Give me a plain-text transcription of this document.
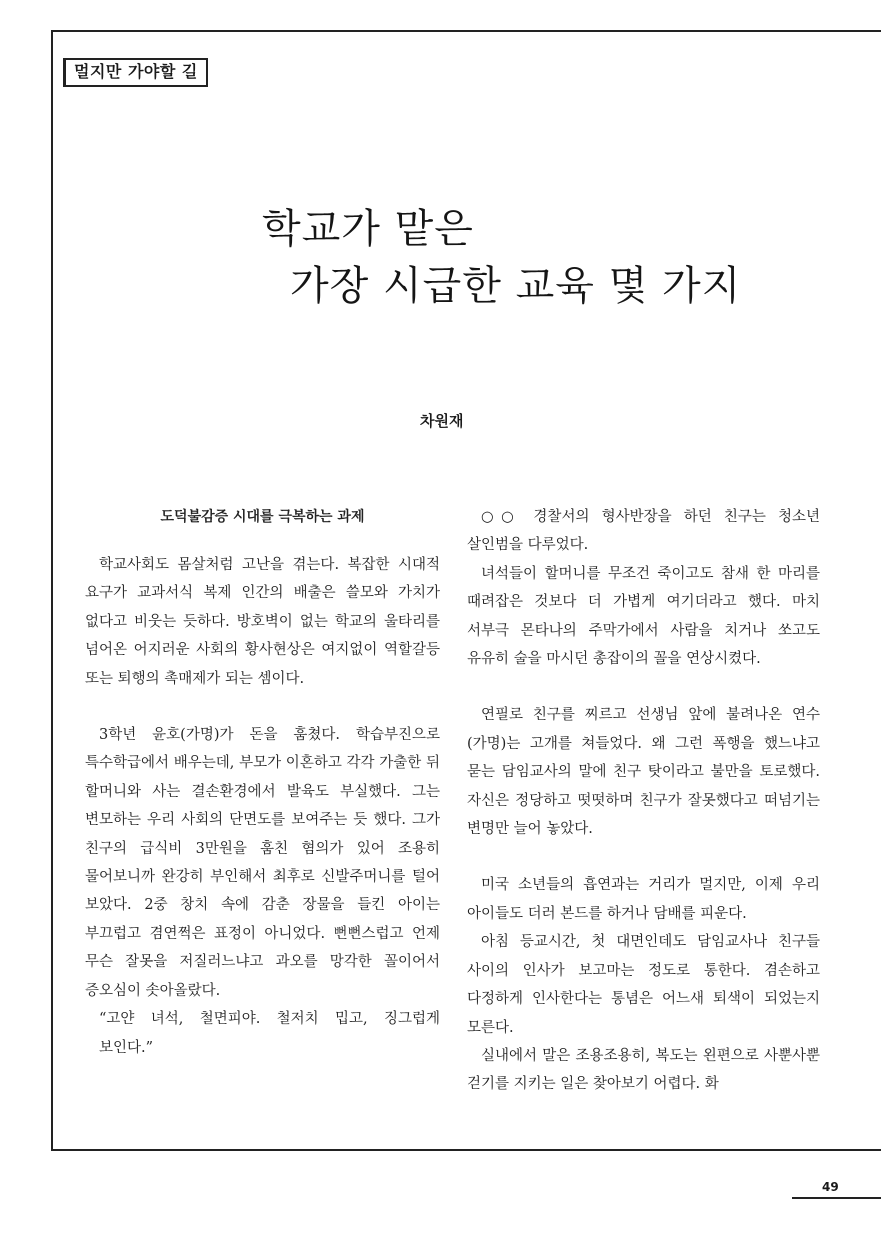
멀지만 가야할 길
학교가 맡은
가장 시급한 교육 몇 가지
차원재
도덕불감증 시대를 극복하는 과제

학교사회도 몸살처럼 고난을 겪는다. 복잡한 시대적 요구가 교과서식 복제 인간의 배출은 쓸모와 가치가 없다고 비웃는 듯하다. 방호벽이 없는 학교의 울타리를 넘어온 어지러운 사회의 황사현상은 여지없이 역할갈등 또는 퇴행의 촉매제가 되는 셈이다.

3학년 윤호(가명)가 돈을 훔쳤다. 학습부진으로 특수학급에서 배우는데, 부모가 이혼하고 각각 가출한 뒤 할머니와 사는 결손환경에서 발육도 부실했다. 그는 변모하는 우리 사회의 단면도를 보여주는 듯 했다. 그가 친구의 급식비 3만원을 훔친 혐의가 있어 조용히 물어보니까 완강히 부인해서 최후로 신발주머니를 털어 보았다. 2중 창치 속에 감춘 장물을 들킨 아이는 부끄럽고 겸연쩍은 표정이 아니었다. 뻔뻔스럽고 언제 무슨 잘못을 저질러느냐고 과오를 망각한 꼴이어서 증오심이 솟아올랐다.

“고얀 녀석, 철면피야. 철저치 밉고, 징그럽게 보인다.”

○○ 경찰서의 형사반장을 하던 친구는 청소년 살인범을 다루었다.

녀석들이 할머니를 무조건 죽이고도 참새 한 마리를 때려잡은 것보다 더 가볍게 여기더라고 했다. 마치 서부극 몬타나의 주막가에서 사람을 치거나 쏘고도 유유히 술을 마시던 총잡이의 꼴을 연상시켰다.

연필로 친구를 찌르고 선생님 앞에 불려나온 연수(가명)는 고개를 쳐들었다. 왜 그런 폭행을 했느냐고 묻는 담임교사의 말에 친구 탓이라고 불만을 토로했다. 자신은 정당하고 떳떳하며 친구가 잘못했다고 떠넘기는 변명만 늘어 놓았다.

미국 소년들의 흡연과는 거리가 멀지만, 이제 우리 아이들도 더러 본드를 하거나 담배를 피운다.

아침 등교시간, 첫 대면인데도 담임교사나 친구들 사이의 인사가 보고마는 정도로 통한다. 겸손하고 다정하게 인사한다는 통념은 어느새 퇴색이 되었는지 모른다.

실내에서 말은 조용조용히, 복도는 왼편으로 사뿐사뿐 걷기를 지키는 일은 찾아보기 어렵다. 화

49
